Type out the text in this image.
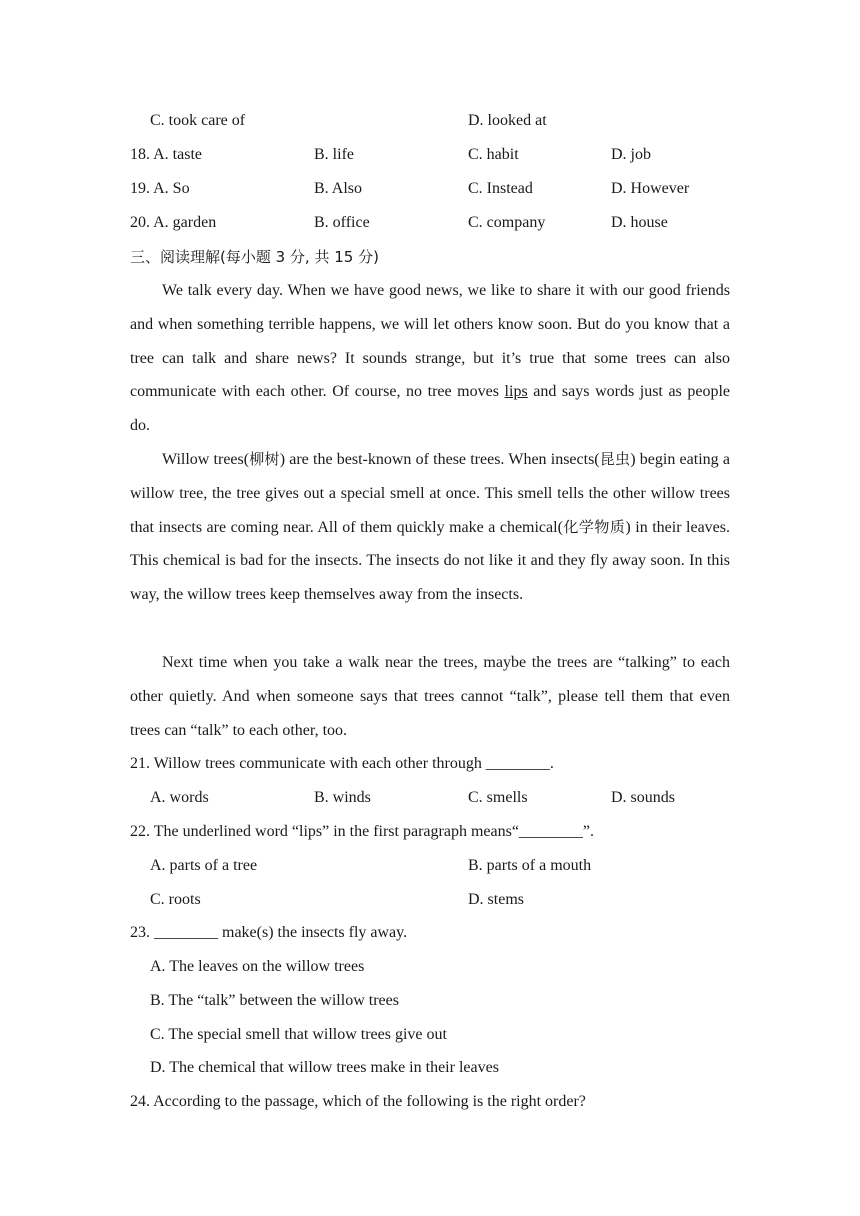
C. took care of	D. looked at
18. A. taste	B. life	C. habit	D. job
19. A. So	B. Also	C. Instead	D. However
20. A. garden	B. office	C. company	D. house
三、阅读理解(每小题 3 分, 共 15 分)

We talk every day. When we have good news, we like to share it with our good friends and when something terrible happens, we will let others know soon. But do you know that a tree can talk and share news? It sounds strange, but it’s true that some trees can also communicate with each other. Of course, no tree moves lips and says words just as people do.

Willow trees(柳树) are the best-known of these trees. When insects(昆虫) begin eating a willow tree, the tree gives out a special smell at once. This smell tells the other willow trees that insects are coming near. All of them quickly make a chemical(化学物质) in their leaves. This chemical is bad for the insects. The insects do not like it and they fly away soon. In this way, the willow trees keep themselves away from the insects.

Next time when you take a walk near the trees, maybe the trees are “talking” to each other quietly. And when someone says that trees cannot “talk”, please tell them that even trees can “talk” to each other, too.

21. Willow trees communicate with each other through ________.
A. words	B. winds	C. smells	D. sounds
22. The underlined word “lips” in the first paragraph means“________”.
A. parts of a tree	B. parts of a mouth
C. roots	D. stems
23. ________ make(s) the insects fly away.
A. The leaves on the willow trees
B. The “talk” between the willow trees
C. The special smell that willow trees give out
D. The chemical that willow trees make in their leaves
24. According to the passage, which of the following is the right order?
